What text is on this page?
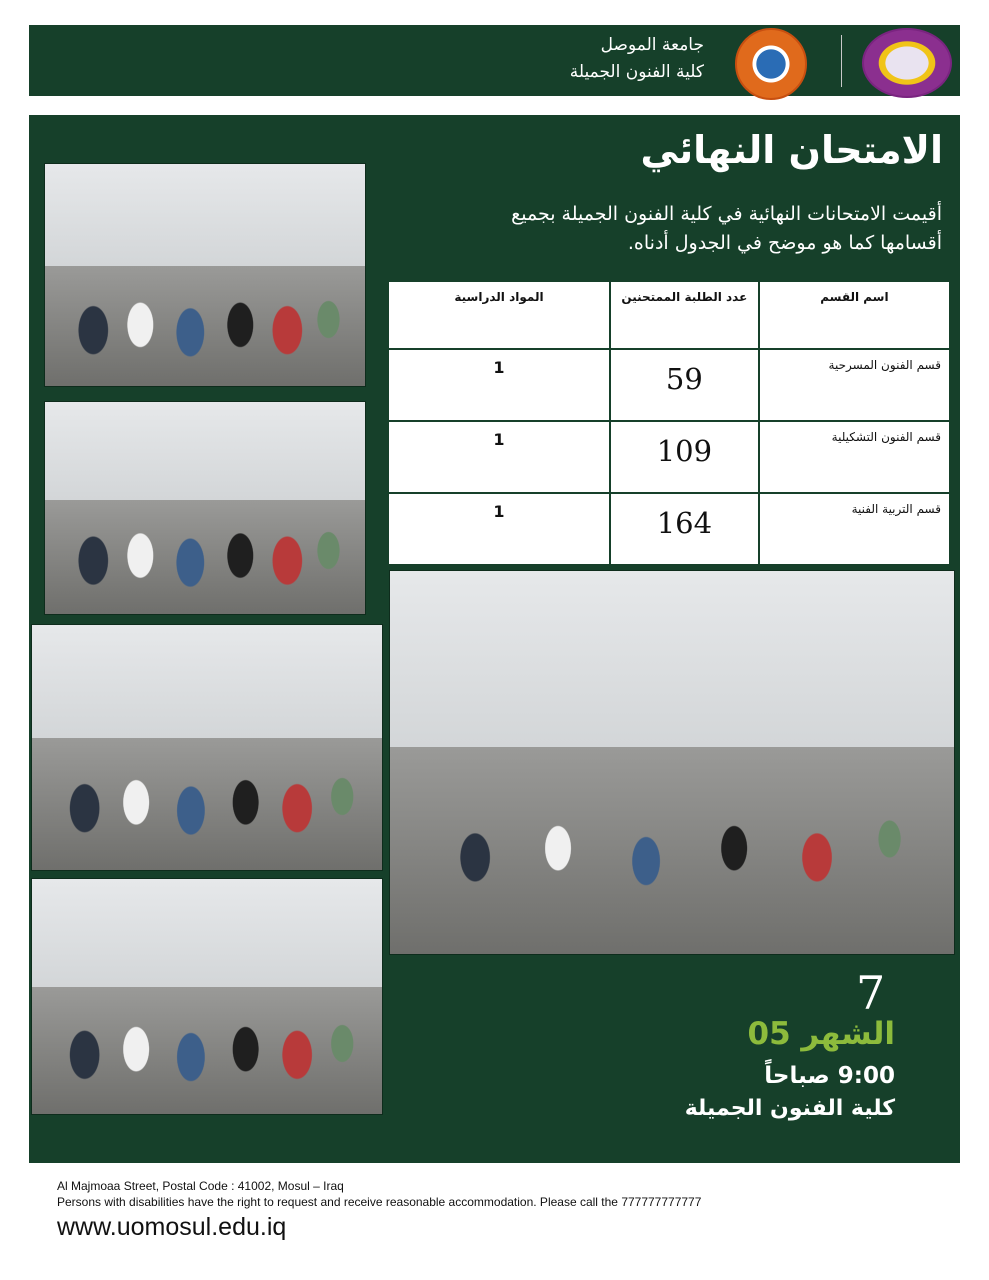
جامعة الموصل
كلية الفنون الجميلة
الامتحان النهائي
أقيمت الامتحانات النهائية في كلية الفنون الجميلة بجميع أقسامها كما هو موضح في الجدول أدناه.
اسم القسم	عدد الطلبة الممتحنين	المواد الدراسية
قسم الفنون المسرحية	59	1
قسم الفنون التشكيلية	109	1
قسم التربية الفنية	164	1
7
الشهر 05
9:00 صباحاً
كلية الفنون الجميلة
Al Majmoaa Street, Postal Code : 41002, Mosul – Iraq
Persons with disabilities have the right to request and receive reasonable accommodation. Please call the 777777777777
www.uomosul.edu.iq
